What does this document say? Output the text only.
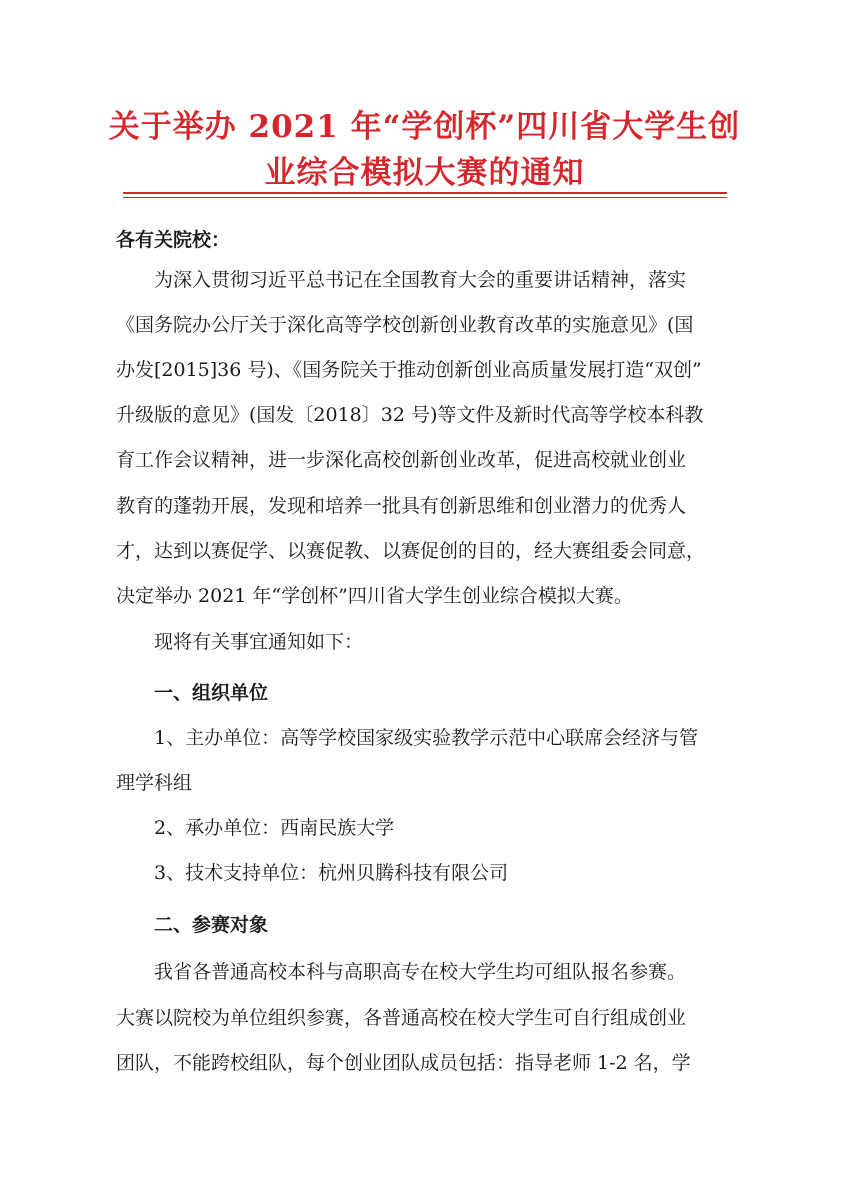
关于举办 2021 年“学创杯”四川省大学生创
业综合模拟大赛的通知

各有关院校：

为深入贯彻习近平总书记在全国教育大会的重要讲话精神，落实

《国务院办公厅关于深化高等学校创新创业教育改革的实施意见》(国

办发[2015]36 号)、《国务院关于推动创新创业高质量发展打造“双创”

升级版的意见》(国发〔2018〕32 号)等文件及新时代高等学校本科教

育工作会议精神，进一步深化高校创新创业改革，促进高校就业创业

教育的蓬勃开展，发现和培养一批具有创新思维和创业潜力的优秀人

才，达到以赛促学、以赛促教、以赛促创的目的，经大赛组委会同意，

决定举办 2021 年“学创杯”四川省大学生创业综合模拟大赛。

现将有关事宜通知如下：

一、组织单位

1、主办单位：高等学校国家级实验教学示范中心联席会经济与管

理学科组

2、承办单位：西南民族大学

3、技术支持单位：杭州贝腾科技有限公司

二、参赛对象

我省各普通高校本科与高职高专在校大学生均可组队报名参赛。

大赛以院校为单位组织参赛，各普通高校在校大学生可自行组成创业

团队，不能跨校组队，每个创业团队成员包括：指导老师 1-2 名，学
